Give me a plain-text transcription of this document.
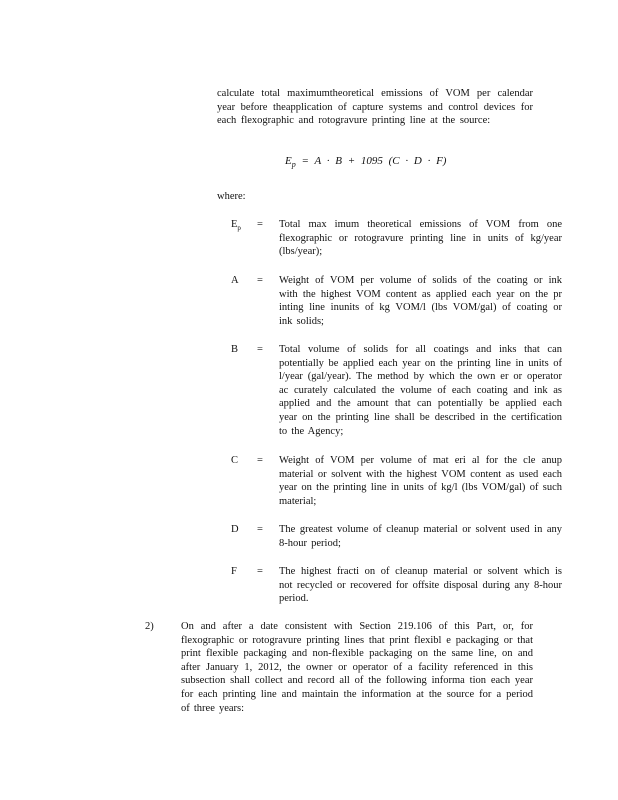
calculate total maximumtheoretical emissions of VOM per calendar year before theapplication of capture systems and control devices for each flexographic and rotogravure printing line at the source:

$E_p = A \cdot B + 1095$ (C · D · F)
where:
$E_p$ = Total max imum theoretical emissions of VOM from one flexographic or rotogravure printing line in units of kg/year (lbs/year);
A = Weight of VOM per volume of solids of the coating or ink with the highest VOM content as applied each year on the pr inting line inunits of kg VOM/l (lbs VOM/gal) of coating or ink solids;
B = Total volume of solids for all coatings and inks that can potentially be applied each year on the printing line in units of l/year (gal/year). The method by which the own er or operator ac curately calculated the volume of each coating and ink as applied and the amount that can potentially be applied each year on the printing line shall be described in the certification to the Agency;
C = Weight of VOM per volume of mat eri al for the cle anup material or solvent with the highest VOM content as used each year on the printing line in units of kg/l (lbs VOM/gal) of such material;
D = The greatest volume of cleanup material or solvent used in any 8-hour period;
F = The highest fracti on of cleanup material or solvent which is not recycled or recovered for offsite disposal during any 8-hour period.
2)	On and after a date consistent with Section 219.106 of this Part, or, for flexographic or rotogravure printing lines that print flexibl e packaging or that print flexible packaging and non-flexible packaging on the same line, on and after January 1, 2012, the owner or operator of a facility referenced in this subsection shall collect and record all of the following informa tion each year for each printing line and maintain the information at the source for a period of three years:
